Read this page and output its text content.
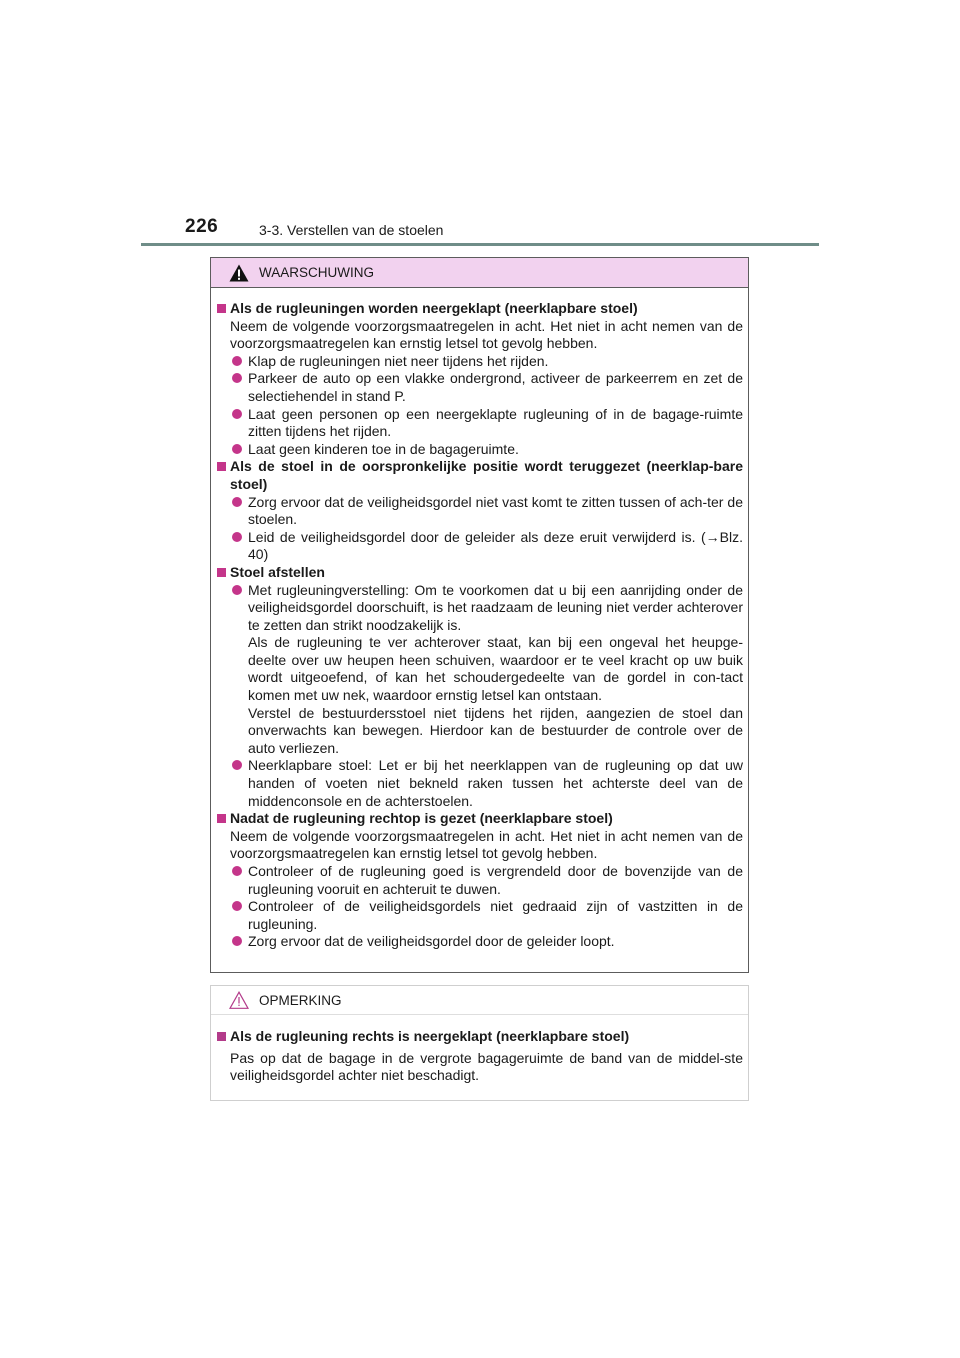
226	3-3. Verstellen van de stoelen
WAARSCHUWING
Als de rugleuningen worden neergeklapt (neerklapbare stoel)
Neem de volgende voorzorgsmaatregelen in acht. Het niet in acht nemen van de voorzorgsmaatregelen kan ernstig letsel tot gevolg hebben.
Klap de rugleuningen niet neer tijdens het rijden.
Parkeer de auto op een vlakke ondergrond, activeer de parkeerrem en zet de selectiehendel in stand P.
Laat geen personen op een neergeklapte rugleuning of in de bagage-ruimte zitten tijdens het rijden.
Laat geen kinderen toe in de bagageruimte.
Als de stoel in de oorspronkelijke positie wordt teruggezet (neerklap-bare stoel)
Zorg ervoor dat de veiligheidsgordel niet vast komt te zitten tussen of ach-ter de stoelen.
Leid de veiligheidsgordel door de geleider als deze eruit verwijderd is. (→Blz. 40)
Stoel afstellen
Met rugleuningverstelling: Om te voorkomen dat u bij een aanrijding onder de veiligheidsgordel doorschuift, is het raadzaam de leuning niet verder achterover te zetten dan strikt noodzakelijk is.
Als de rugleuning te ver achterover staat, kan bij een ongeval het heupge-deelte over uw heupen heen schuiven, waardoor er te veel kracht op uw buik wordt uitgeoefend, of kan het schoudergedeelte van de gordel in con-tact komen met uw nek, waardoor ernstig letsel kan ontstaan.
Verstel de bestuurdersstoel niet tijdens het rijden, aangezien de stoel dan onverwachts kan bewegen. Hierdoor kan de bestuurder de controle over de auto verliezen.
Neerklapbare stoel: Let er bij het neerklappen van de rugleuning op dat uw handen of voeten niet bekneld raken tussen het achterste deel van de middenconsole en de achterstoelen.
Nadat de rugleuning rechtop is gezet (neerklapbare stoel)
Neem de volgende voorzorgsmaatregelen in acht. Het niet in acht nemen van de voorzorgsmaatregelen kan ernstig letsel tot gevolg hebben.
Controleer of de rugleuning goed is vergrendeld door de bovenzijde van de rugleuning vooruit en achteruit te duwen.
Controleer of de veiligheidsgordels niet gedraaid zijn of vastzitten in de rugleuning.
Zorg ervoor dat de veiligheidsgordel door de geleider loopt.
OPMERKING
Als de rugleuning rechts is neergeklapt (neerklapbare stoel)
Pas op dat de bagage in de vergrote bagageruimte de band van de middel-ste veiligheidsgordel achter niet beschadigt.
